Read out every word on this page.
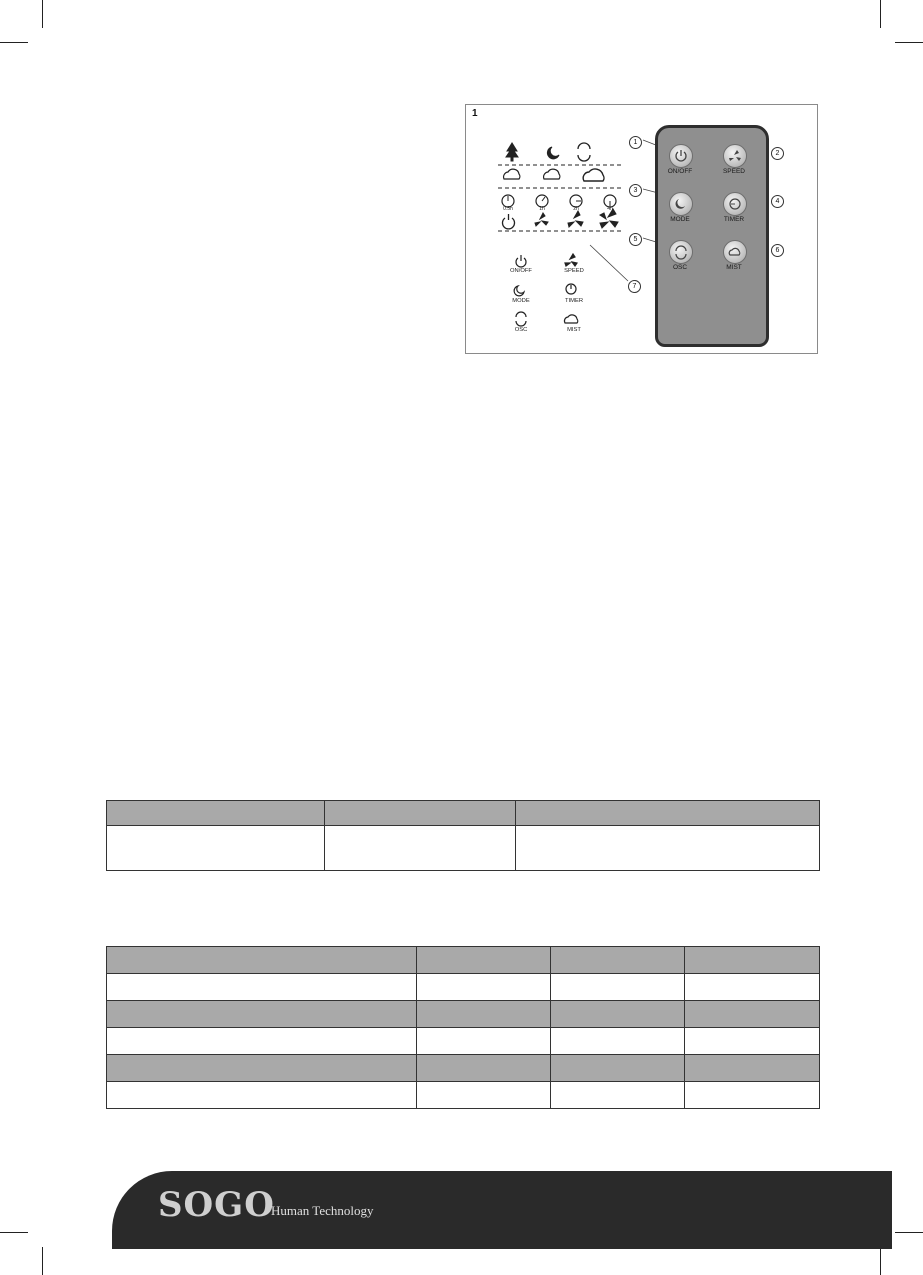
1
0.5h	1h	2h	4h
ON/OFF	SPEED
MODE	TIMER
OSC	MIST
ON/OFF	SPEED
MODE	TIMER
OSC	MIST
1
2
3
4
5
6
7

SOGO
Human Technology
